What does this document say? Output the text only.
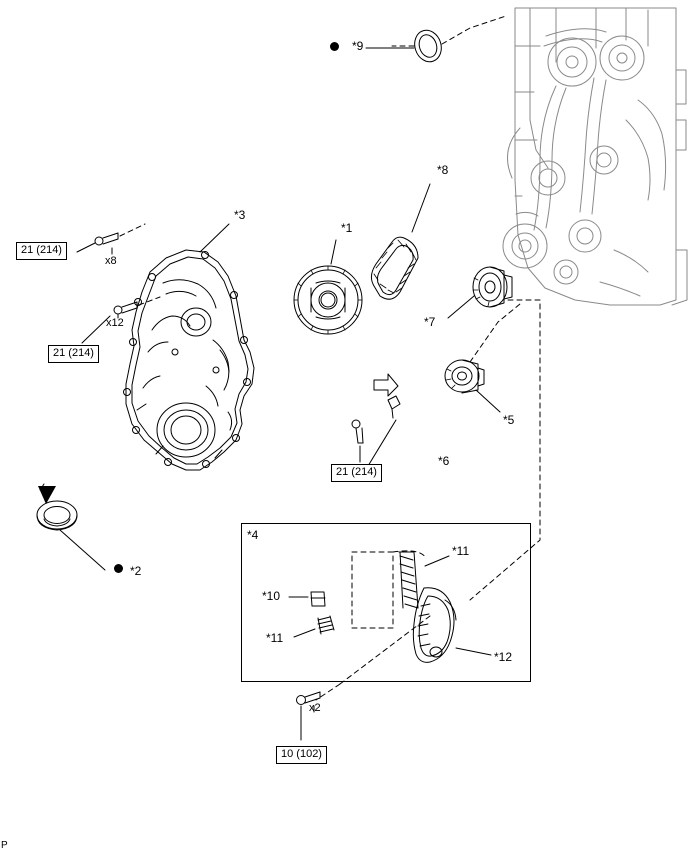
*9
*8
*3
*1
*7
*5
*6
*2
*4
*11
*10
*11
*12
x8
x12
x2
21 (214)
21 (214)
21 (214)
10 (102)
P
